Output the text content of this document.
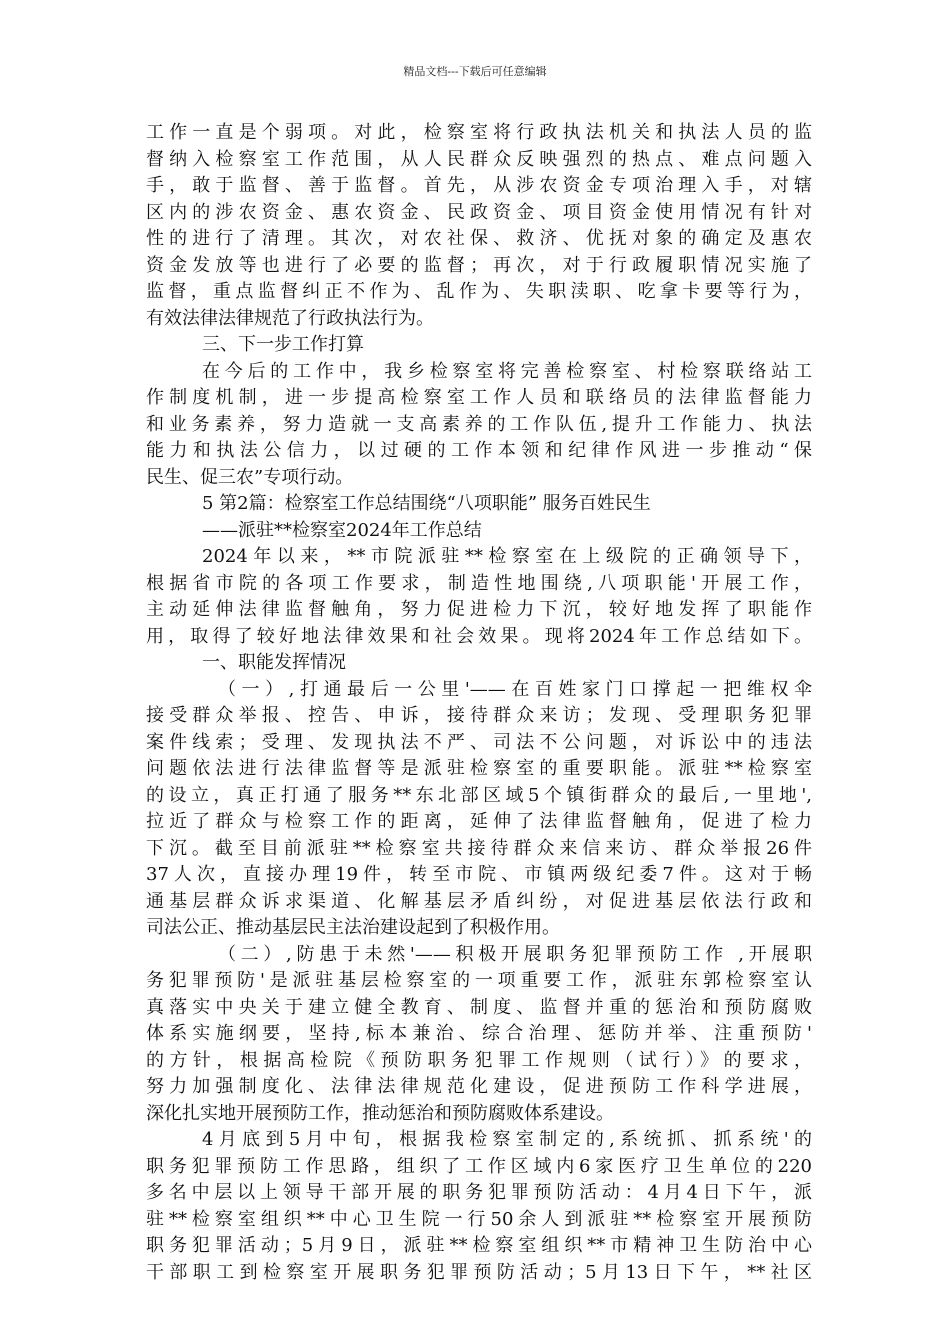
精品文档---下载后可任意编辑
工作一直是个弱项。对此，检察室将行政执法机关和执法人员的监
督纳入检察室工作范围，从人民群众反映强烈的热点、难点问题入
手，敢于监督、善于监督。首先，从涉农资金专项治理入手，对辖
区内的涉农资金、惠农资金、民政资金、项目资金使用情况有针对
性的进行了清理。其次，对农社保、救济、优抚对象的确定及惠农
资金发放等也进行了必要的监督；再次，对于行政履职情况实施了
监督，重点监督纠正不作为、乱作为、失职渎职、吃拿卡要等行为，
有效法律法律规范了行政执法行为。
三、下一步工作打算
在今后的工作中，我乡检察室将完善检察室、村检察联络站工
作制度机制，进一步提高检察室工作人员和联络员的法律监督能力
和业务素养，努力造就一支高素养的工作队伍,提升工作能力、执法
能力和执法公信力，以过硬的工作本领和纪律作风进一步推动“保
民生、促三农”专项行动。
5 第2篇：检察室工作总结围绕“八项职能” 服务百姓民生
——派驻**检察室2024年工作总结
2024年以来，**市院派驻**检察室在上级院的正确领导下，
根据省市院的各项工作要求，制造性地围绕,八项职能'开展工作，
主动延伸法律监督触角，努力促进检力下沉，较好地发挥了职能作
用，取得了较好地法律效果和社会效果。现将2024年工作总结如下。
一、职能发挥情况
（一）,打通最后一公里'——在百姓家门口撑起一把维权伞
接受群众举报、控告、申诉，接待群众来访；发现、受理职务犯罪
案件线索；受理、发现执法不严、司法不公问题，对诉讼中的违法
问题依法进行法律监督等是派驻检察室的重要职能。派驻**检察室
的设立，真正打通了服务**东北部区域5个镇街群众的最后,一里地',
拉近了群众与检察工作的距离，延伸了法律监督触角，促进了检力
下沉。截至目前派驻**检察室共接待群众来信来访、群众举报26件
37人次，直接办理19件，转至市院、市镇两级纪委7件。这对于畅
通基层群众诉求渠道、化解基层矛盾纠纷，对促进基层依法行政和
司法公正、推动基层民主法治建设起到了积极作用。
（二）,防患于未然'——积极开展职务犯罪预防工作 ,开展职
务犯罪预防'是派驻基层检察室的一项重要工作，派驻东郭检察室认
真落实中央关于建立健全教育、制度、监督并重的惩治和预防腐败
体系实施纲要，坚持,标本兼治、综合治理、惩防并举、注重预防'
的方针，根据高检院《预防职务犯罪工作规则（试行）》的要求，
努力加强制度化、法律法律规范化建设，促进预防工作科学进展，
深化扎实地开展预防工作，推动惩治和预防腐败体系建设。
4月底到5月中旬，根据我检察室制定的,系统抓、抓系统'的
职务犯罪预防工作思路，组织了工作区域内6家医疗卫生单位的220
多名中层以上领导干部开展的职务犯罪预防活动：4月4日下午，派
驻**检察室组织**中心卫生院一行50余人到派驻**检察室开展预防
职务犯罪活动；5月9日，派驻**检察室组织**市精神卫生防治中心
干部职工到检察室开展职务犯罪预防活动；5月13日下午，**社区
